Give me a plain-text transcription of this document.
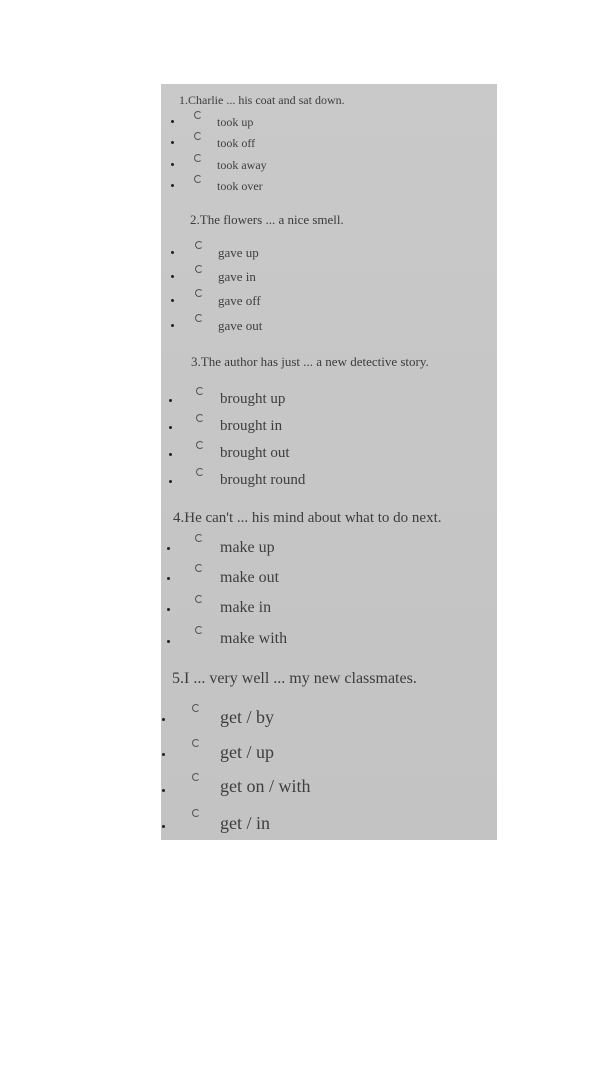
1.Charlie ... his coat and sat down.
took up
took off
took away
took over
2.The flowers ... a nice smell.
gave up
gave in
gave off
gave out
3.The author has just ... a new detective story.
brought up
brought in
brought out
brought round
4.He can't ... his mind about what to do next.
make up
make out
make in
make with
5.I ... very well ... my new classmates.
get / by
get / up
get on / with
get / in
